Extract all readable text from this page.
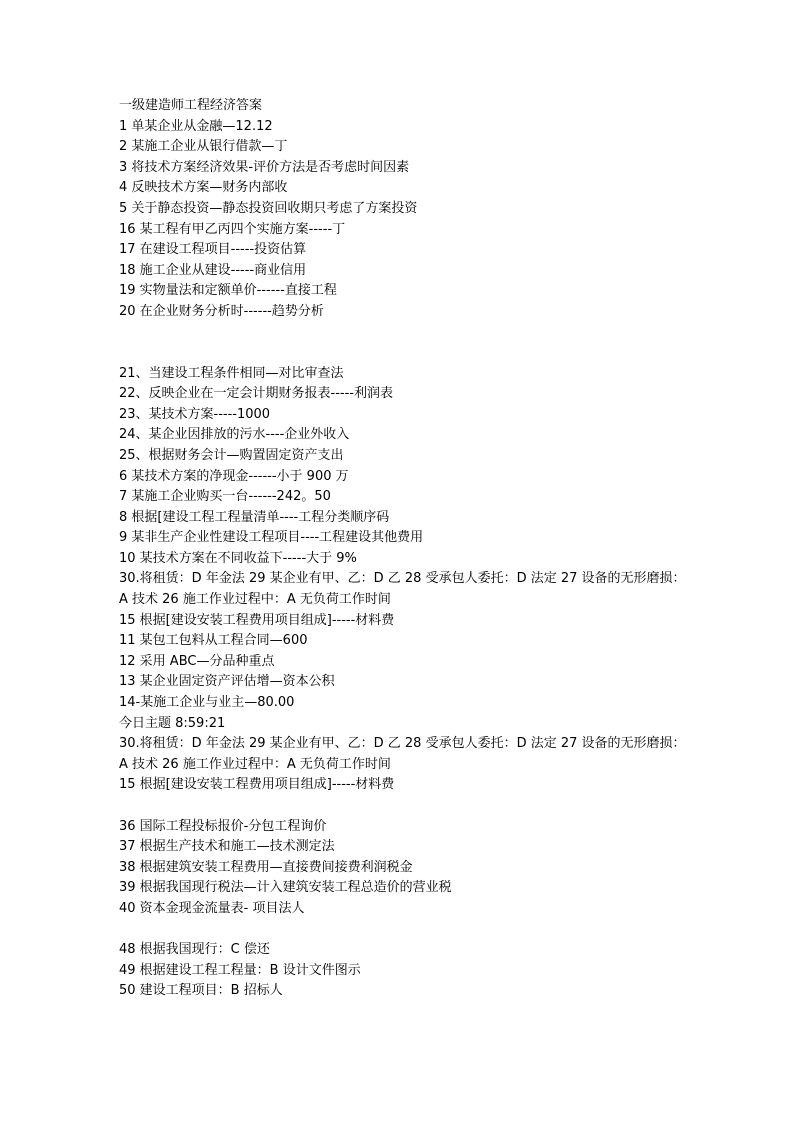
一级建造师工程经济答案
1 单某企业从金融—12.12
2 某施工企业从银行借款—丁
3 将技术方案经济效果-评价方法是否考虑时间因素
4 反映技术方案—财务内部收
5 关于静态投资—静态投资回收期只考虑了方案投资
16 某工程有甲乙丙四个实施方案-----丁
17 在建设工程项目-----投资估算
18 施工企业从建设-----商业信用
19 实物量法和定额单价------直接工程
20 在企业财务分析时------趋势分析
21、当建设工程条件相同—对比审查法
22、反映企业在一定会计期财务报表-----利润表
23、某技术方案-----1000
24、某企业因排放的污水----企业外收入
25、根据财务会计—购置固定资产支出
6 某技术方案的净现金------小于 900 万
7 某施工企业购买一台------242。50
8 根据[建设工程工程量清单----工程分类顺序码
9 某非生产企业性建设工程项目----工程建设其他费用
10 某技术方案在不同收益下-----大于 9%
30.将租赁：D 年金法 29 某企业有甲、乙：D 乙 28 受承包人委托：D 法定 27 设备的无形磨损：A 技术 26 施工作业过程中：A 无负荷工作时间
15 根据[建设安装工程费用项目组成]-----材料费
11 某包工包料从工程合同—600
12 采用 ABC—分品种重点
13 某企业固定资产评估增—资本公积
14-某施工企业与业主—80.00
今日主题 8:59:21
30.将租赁：D 年金法 29 某企业有甲、乙：D 乙 28 受承包人委托：D 法定 27 设备的无形磨损：A 技术 26 施工作业过程中：A 无负荷工作时间
15 根据[建设安装工程费用项目组成]-----材料费
36 国际工程投标报价-分包工程询价
37 根据生产技术和施工—技术测定法
38 根据建筑安装工程费用—直接费间接费利润税金
39 根据我国现行税法—计入建筑安装工程总造价的营业税
40 资本金现金流量表- 项目法人
48 根据我国现行：C 偿还
49 根据建设工程工程量：B 设计文件图示
50 建设工程项目：B 招标人
